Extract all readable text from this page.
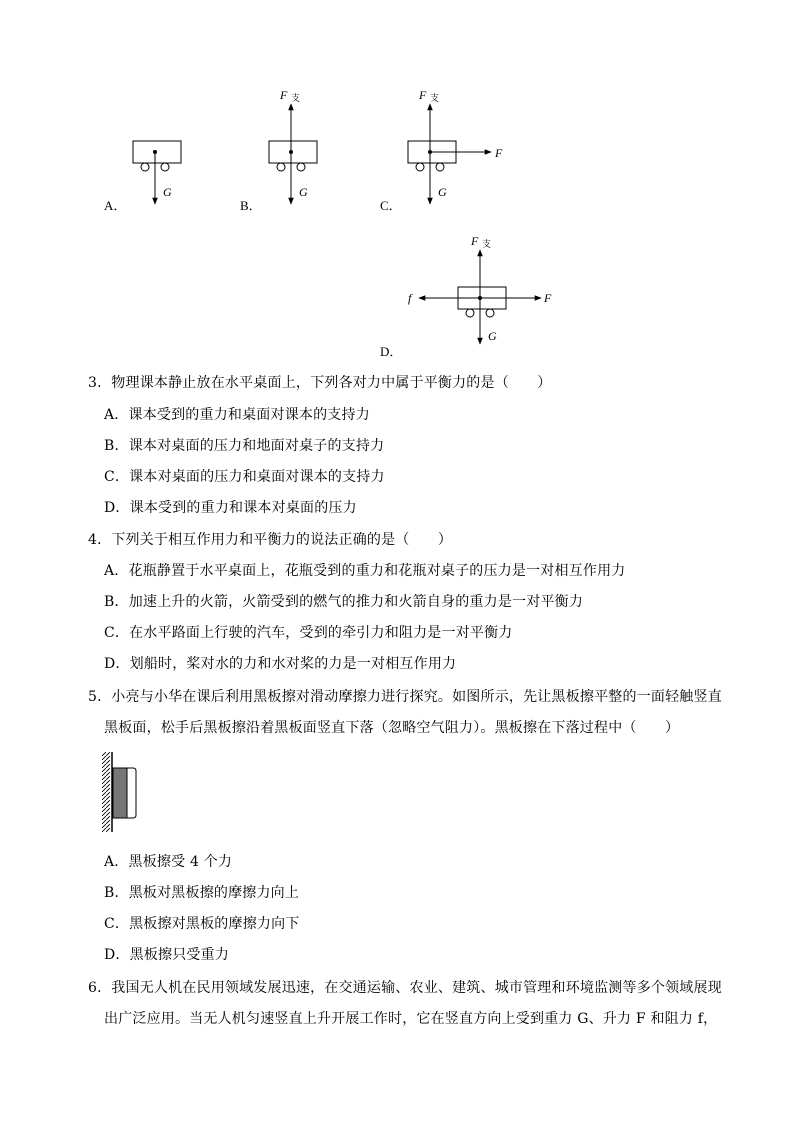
G
A．
F 支
G
B．
F 支
F
G
C．
F 支
f	F
G
D．
3．物理课本静止放在水平桌面上，下列各对力中属于平衡力的是（　　）
A．课本受到的重力和桌面对课本的支持力
B．课本对桌面的压力和地面对桌子的支持力
C．课本对桌面的压力和桌面对课本的支持力
D．课本受到的重力和课本对桌面的压力
4．下列关于相互作用力和平衡力的说法正确的是（　　）
A．花瓶静置于水平桌面上，花瓶受到的重力和花瓶对桌子的压力是一对相互作用力
B．加速上升的火箭，火箭受到的燃气的推力和火箭自身的重力是一对平衡力
C．在水平路面上行驶的汽车，受到的牵引力和阻力是一对平衡力
D．划船时，桨对水的力和水对桨的力是一对相互作用力
5．小亮与小华在课后利用黑板擦对滑动摩擦力进行探究。如图所示，先让黑板擦平整的一面轻触竖直
黑板面，松手后黑板擦沿着黑板面竖直下落（忽略空气阻力）。黑板擦在下落过程中（　　）
A．黑板擦受 4 个力
B．黑板对黑板擦的摩擦力向上
C．黑板擦对黑板的摩擦力向下
D．黑板擦只受重力
6．我国无人机在民用领域发展迅速，在交通运输、农业、建筑、城市管理和环境监测等多个领域展现
出广泛应用。当无人机匀速竖直上升开展工作时，它在竖直方向上受到重力 G、升力 F 和阻力 f，
